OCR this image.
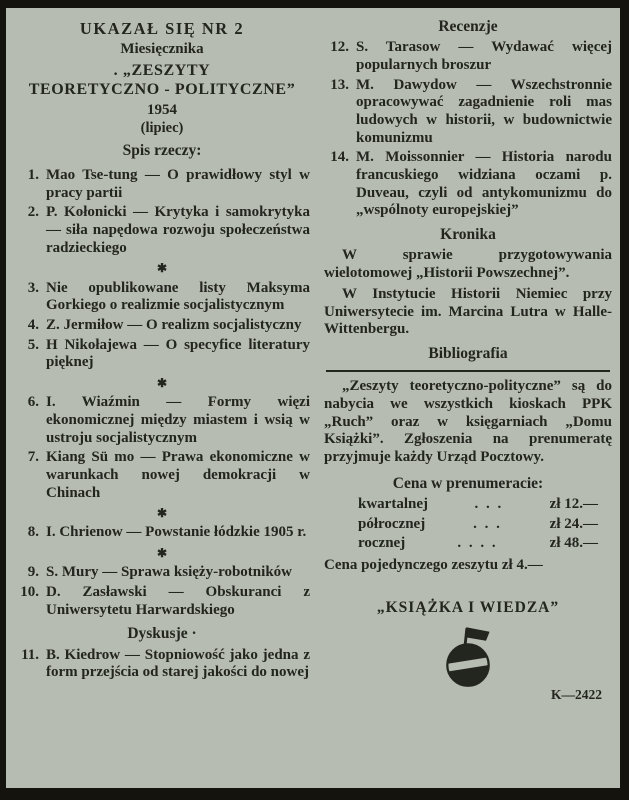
UKAZAŁ SIĘ NR 2
Miesięcznika
. „ZESZYTY
TEORETYCZNO - POLITYCZNE”
1954
(lipiec)
Spis rzeczy:

1. Mao Tse-tung — O prawidłowy styl w pracy partii

2. P. Kołonicki — Krytyka i samokrytyka — siła napędowa rozwoju społeczeństwa radzieckiego

✱

3. Nie opublikowane listy Maksyma Gorkiego o realizmie socjalistycznym

4. Z. Jermiłow — O realizm socjalistyczny

5. H Nikołajewa — O specyfice literatury pięknej

✱

6. I. Wiaźmin — Formy więzi ekonomicznej między miastem i wsią w ustroju socjalistycznym

7. Kiang Sü mo — Prawa ekonomiczne w warunkach nowej demokracji w Chinach

✱

8. I. Chrienow — Powstanie łódzkie 1905 r.

✱

9. S. Mury — Sprawa księży-robotników

10. D. Zasławski — Obskuranci z Uniwersytetu Harwardskiego

Dyskusje ·

11. B. Kiedrow — Stopniowość jako jedna z form przejścia od starej jakości do nowej

Recenzje

12. S. Tarasow — Wydawać więcej popularnych broszur

13. M. Dawydow — Wszechstronnie opracowywać zagadnienie roli mas ludowych w historii, w budownictwie komunizmu

14. M. Moissonnier — Historia narodu francuskiego widziana oczami p. Duveau, czyli od antykomunizmu do „wspólnoty europejskiej”

Kronika

W sprawie przygotowywania wielotomowej „Historii Powszechnej”.

W Instytucie Historii Niemiec przy Uniwersytecie im. Marcina Lutra w Halle-Wittenbergu.

Bibliografia

„Zeszyty teoretyczno-polityczne” są do nabycia we wszystkich kioskach PPK „Ruch” oraz w księgarniach „Domu Książki”. Zgłoszenia na prenumeratę przyjmuje każdy Urząd Pocztowy.

Cena w prenumeracie:
kwartalnej	. . .	zł 12.—
półrocznej	. . .	zł 24.—
rocznej	. . . .	zł 48.—
Cena pojedynczego zeszytu zł 4.—
„KSIĄŻKA I WIEDZA”
K—2422
